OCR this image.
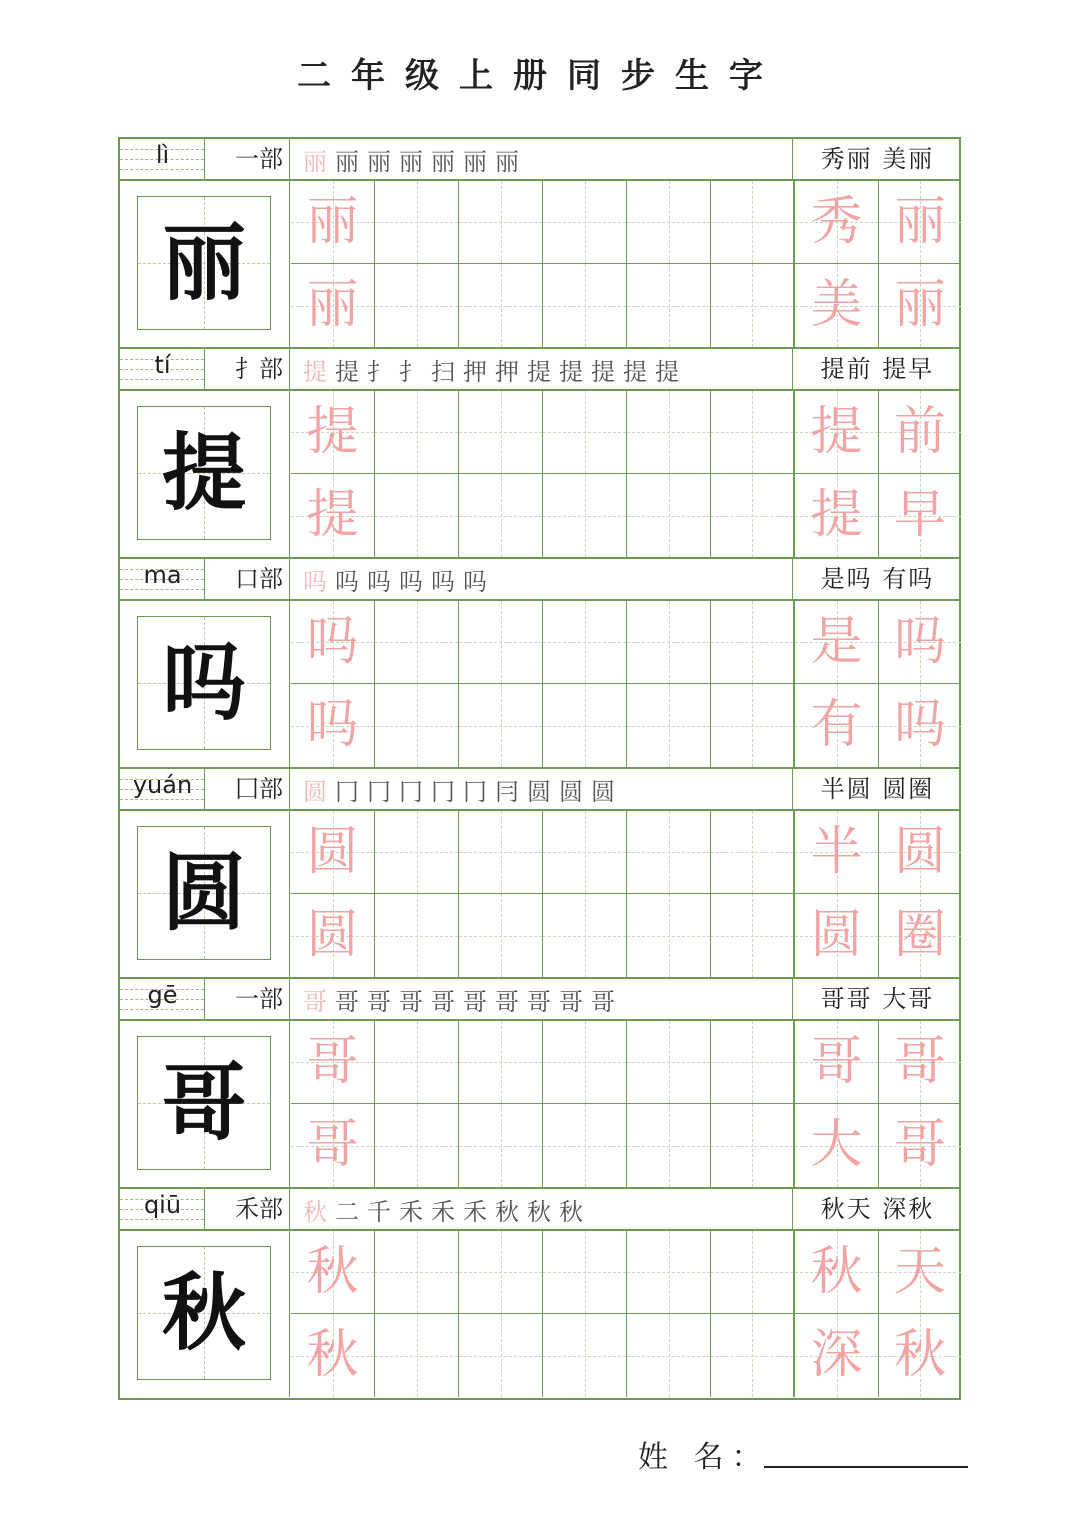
二年级上册同步生字
lì	一部 丽 丽 丽 丽 丽 丽 丽	秀丽 美丽
丽	丽	秀 丽
丽	美 丽
tí	扌部 提 提 扌 扌 扫 押 押 提 提 提 提 提	提前 提早
提	提	提 前
提	提 早
ma	口部 吗 吗 吗 吗 吗 吗	是吗 有吗
吗	吗	是 吗
吗	有 吗
yuán	囗部 圆 冂 冂 冂 冂 冂 冃 圆 圆 圆	半圆 圆圈
圆	圆	半 圆
圆	圆 圈
gē	一部 哥 哥 哥 哥 哥 哥 哥 哥 哥 哥	哥哥 大哥
哥	哥	哥 哥
哥	大 哥
qiū	禾部 秋 二 千 禾 禾 禾 秋 秋 秋	秋天 深秋
秋	秋	秋 天
秋	深 秋
姓 名：
